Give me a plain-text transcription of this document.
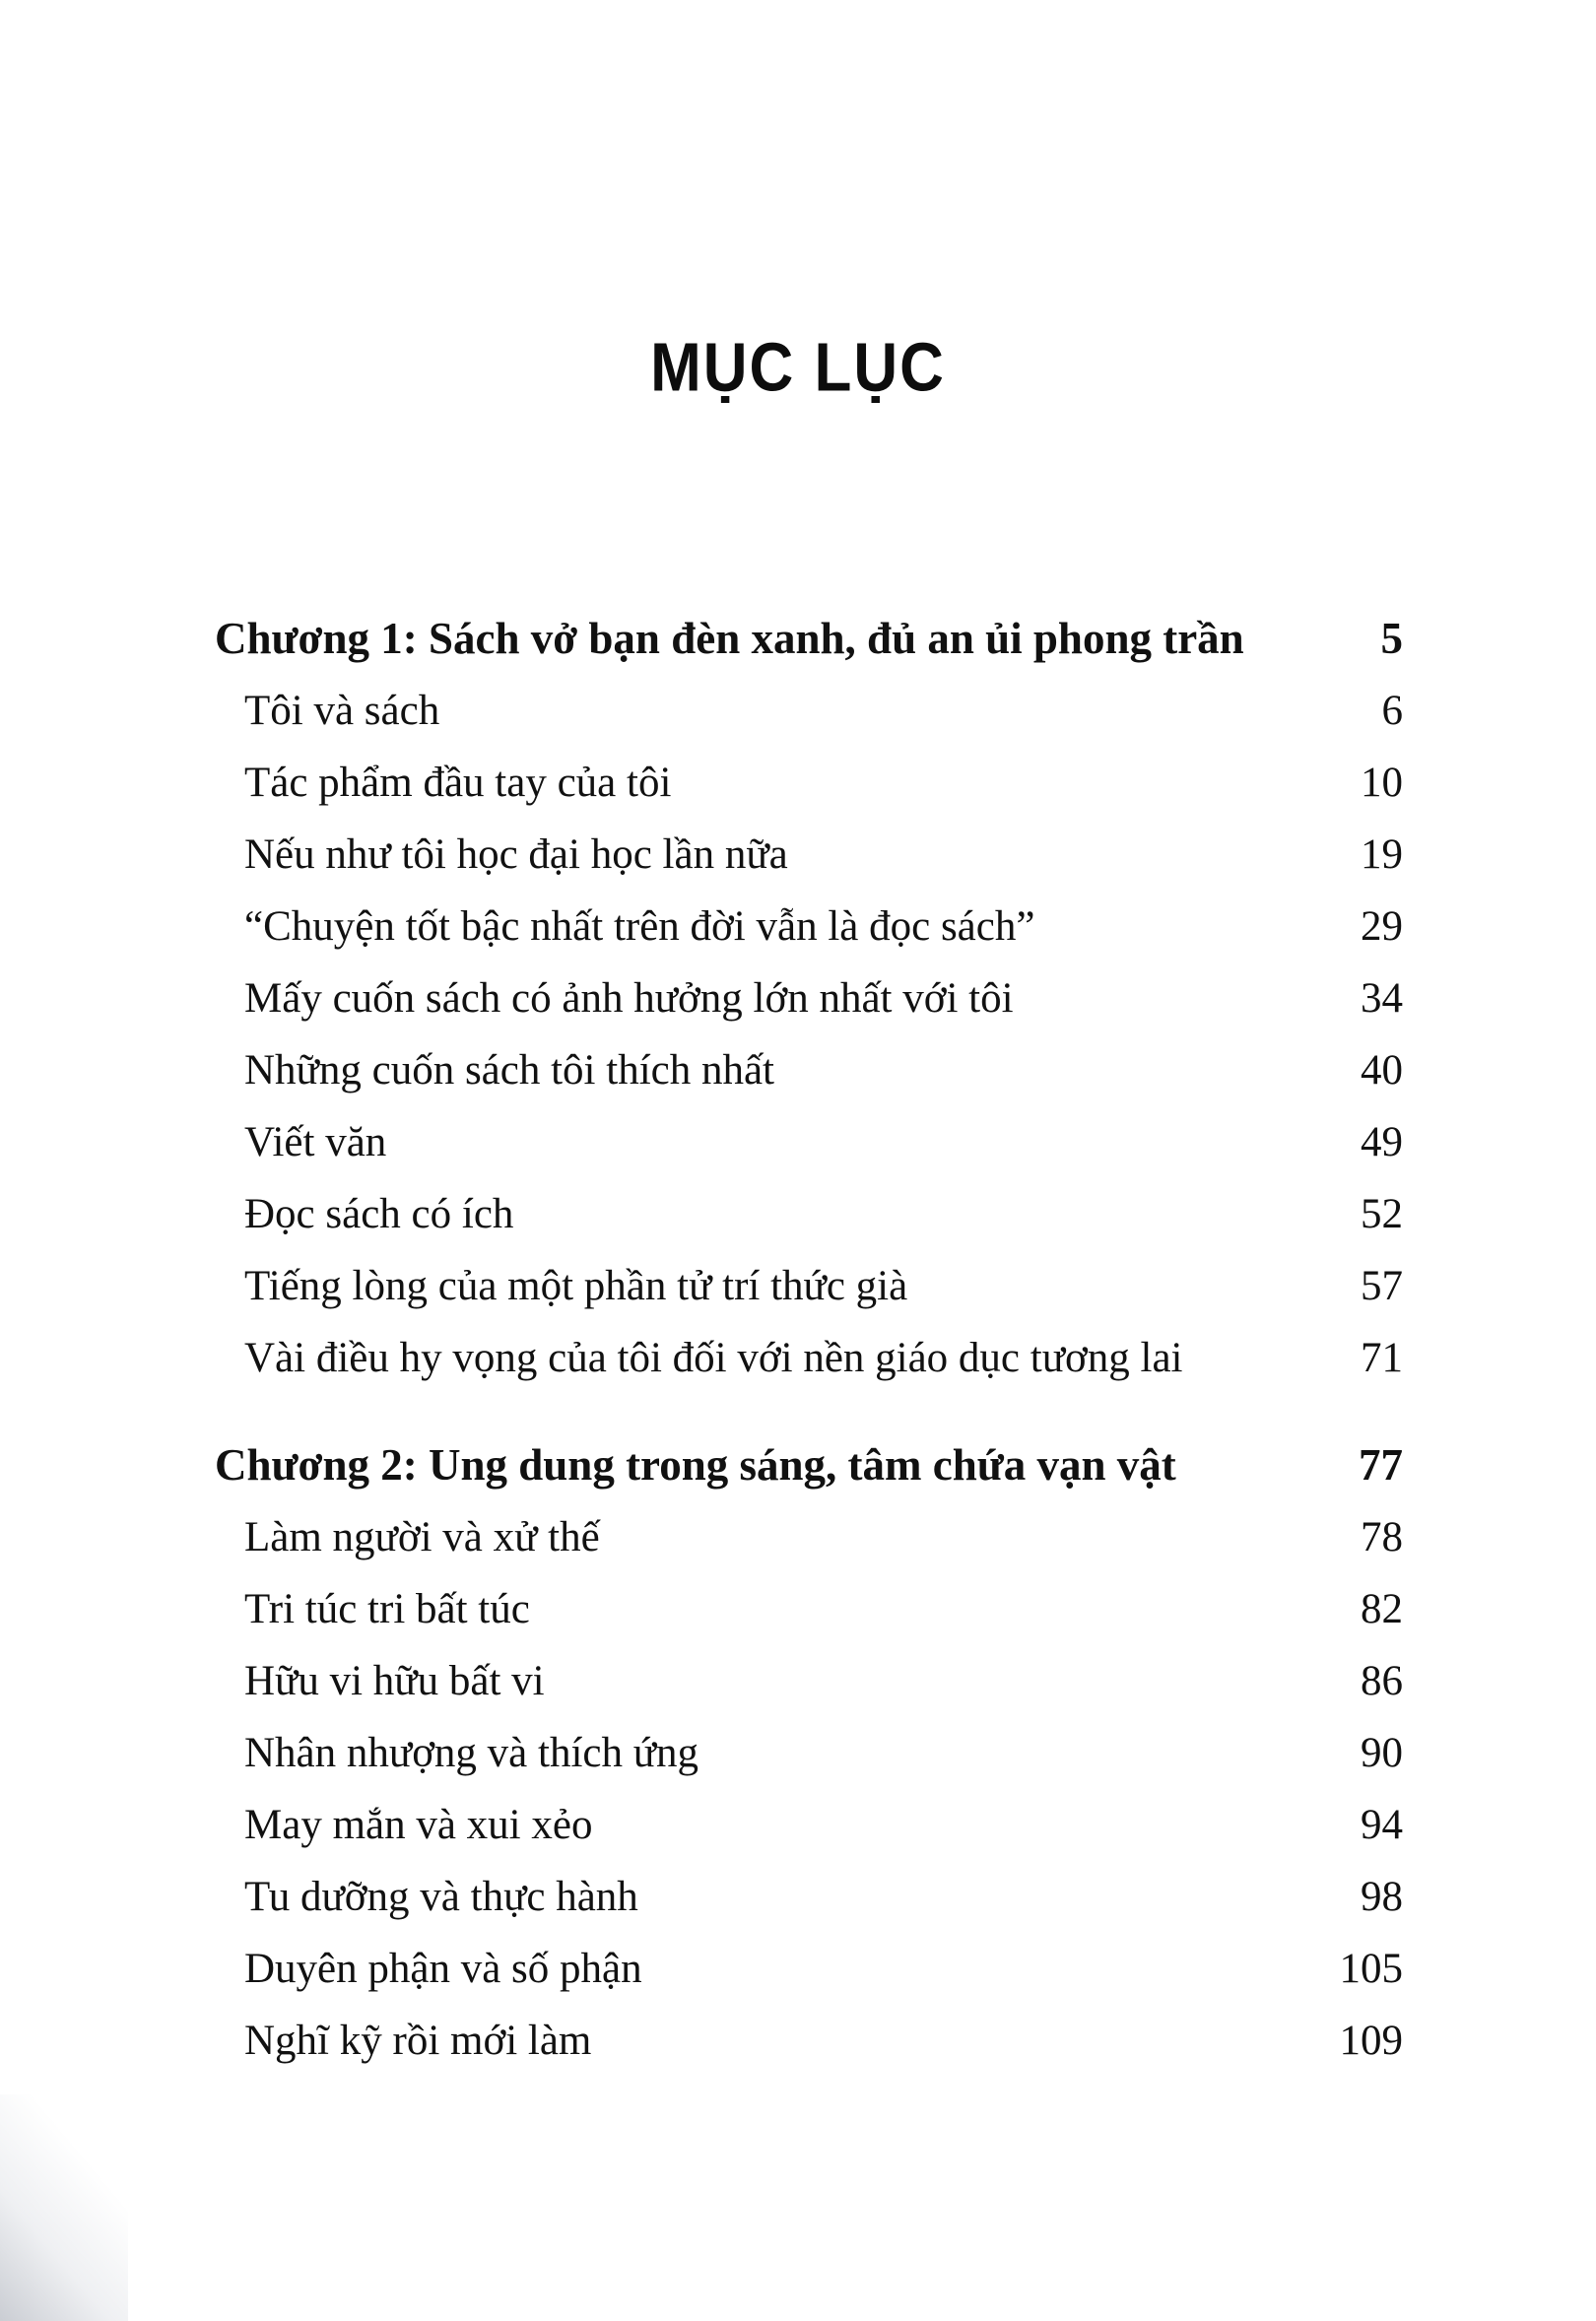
MỤC LỤC
Chương 1: Sách vở bạn đèn xanh, đủ an ủi phong trần	5
Tôi và sách	6
Tác phẩm đầu tay của tôi	10
Nếu như tôi học đại học lần nữa	19
“Chuyện tốt bậc nhất trên đời vẫn là đọc sách”	29
Mấy cuốn sách có ảnh hưởng lớn nhất với tôi	34
Những cuốn sách tôi thích nhất	40
Viết văn	49
Đọc sách có ích	52
Tiếng lòng của một phần tử trí thức già	57
Vài điều hy vọng của tôi đối với nền giáo dục tương lai	71
Chương 2: Ung dung trong sáng, tâm chứa vạn vật	77
Làm người và xử thế	78
Tri túc tri bất túc	82
Hữu vi hữu bất vi	86
Nhân nhượng và thích ứng	90
May mắn và xui xẻo	94
Tu dưỡng và thực hành	98
Duyên phận và số phận	105
Nghĩ kỹ rồi mới làm	109
